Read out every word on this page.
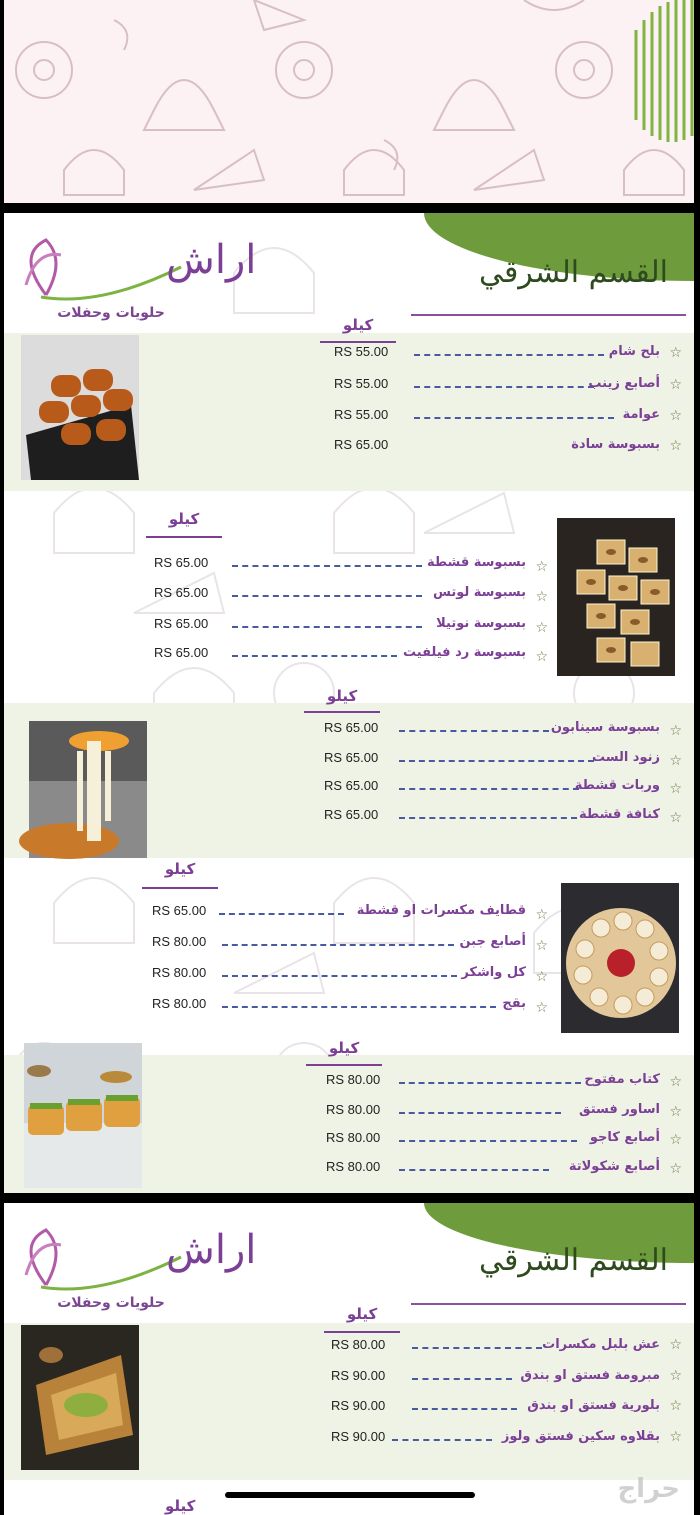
اراش
حلويات وحفلات
القسم الشرقي
كيلو
كيلو
كيلو
كيلو
كيلو
RS 55.00	بلح شام ☆
RS 55.00	أصابع زينب ☆
RS 55.00	عوامة ☆
RS 65.00	بسبوسة سادة ☆
RS 65.00	بسبوسة قشطة ☆
RS 65.00	بسبوسة لوتس ☆
RS 65.00	بسبوسة نوتيلا ☆
RS 65.00	بسبوسة رد فيلفيت ☆
RS 65.00	بسبوسة سينابون ☆
RS 65.00	زنود الست ☆
RS 65.00	وربات قشطة ☆
RS 65.00	كنافة قشطة ☆
RS 65.00	قطايف مكسرات او قشطة ☆
RS 80.00	أصابع جبن ☆
RS 80.00	كل واشكر ☆
RS 80.00	بقج ☆
RS 80.00	كتاب مفتوح ☆
RS 80.00	اساور فستق ☆
RS 80.00	أصابع كاجو ☆
RS 80.00	أصابع شكولاتة ☆
اراش
حلويات وحفلات
القسم الشرقي
كيلو
RS 80.00	عش بلبل مكسرات ☆
RS 90.00	مبرومة فستق او بندق ☆
RS 90.00	بلورية فستق او بندق ☆
RS 90.00	بقلاوه سكين فستق ولوز ☆
كيلو
حراج
